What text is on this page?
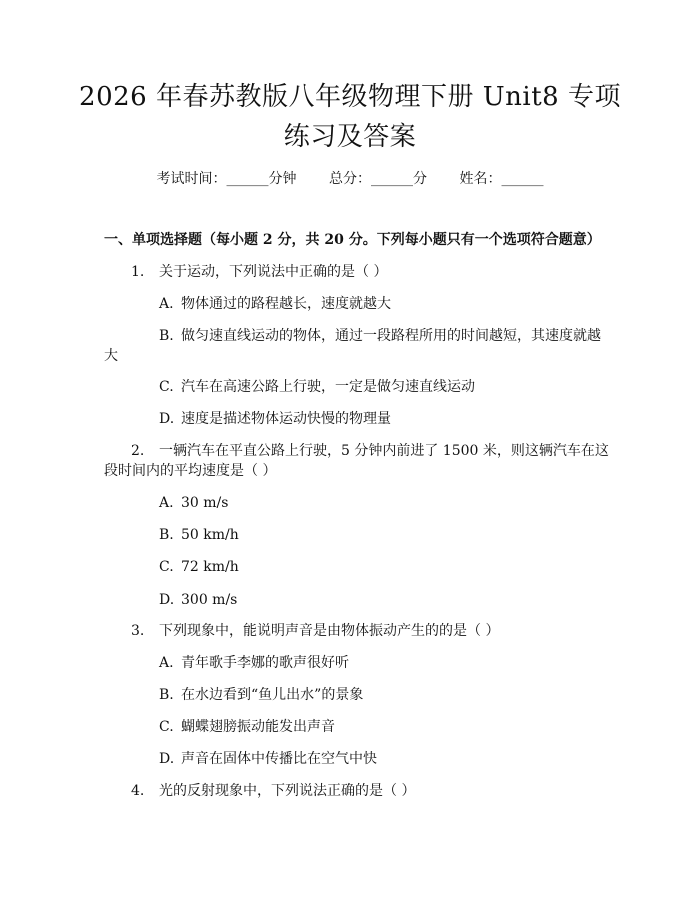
2026 年春苏教版八年级物理下册 Unit8 专项
练习及答案
考试时间：______分钟 总分：______分 姓名：______
一、单项选择题（每小题 2 分，共 20 分。下列每小题只有一个选项符合题意）
1. 关于运动，下列说法中正确的是（ ）
A. 物体通过的路程越长，速度就越大
B. 做匀速直线运动的物体，通过一段路程所用的时间越短，其速度就越
大
C. 汽车在高速公路上行驶，一定是做匀速直线运动
D. 速度是描述物体运动快慢的物理量
2. 一辆汽车在平直公路上行驶，5 分钟内前进了 1500 米，则这辆汽车在这
段时间内的平均速度是（ ）
A. 30 m/s
B. 50 km/h
C. 72 km/h
D. 300 m/s
3. 下列现象中，能说明声音是由物体振动产生的的是（ ）
A. 青年歌手李娜的歌声很好听
B. 在水边看到“鱼儿出水”的景象
C. 蝴蝶翅膀振动能发出声音
D. 声音在固体中传播比在空气中快
4. 光的反射现象中，下列说法正确的是（ ）
